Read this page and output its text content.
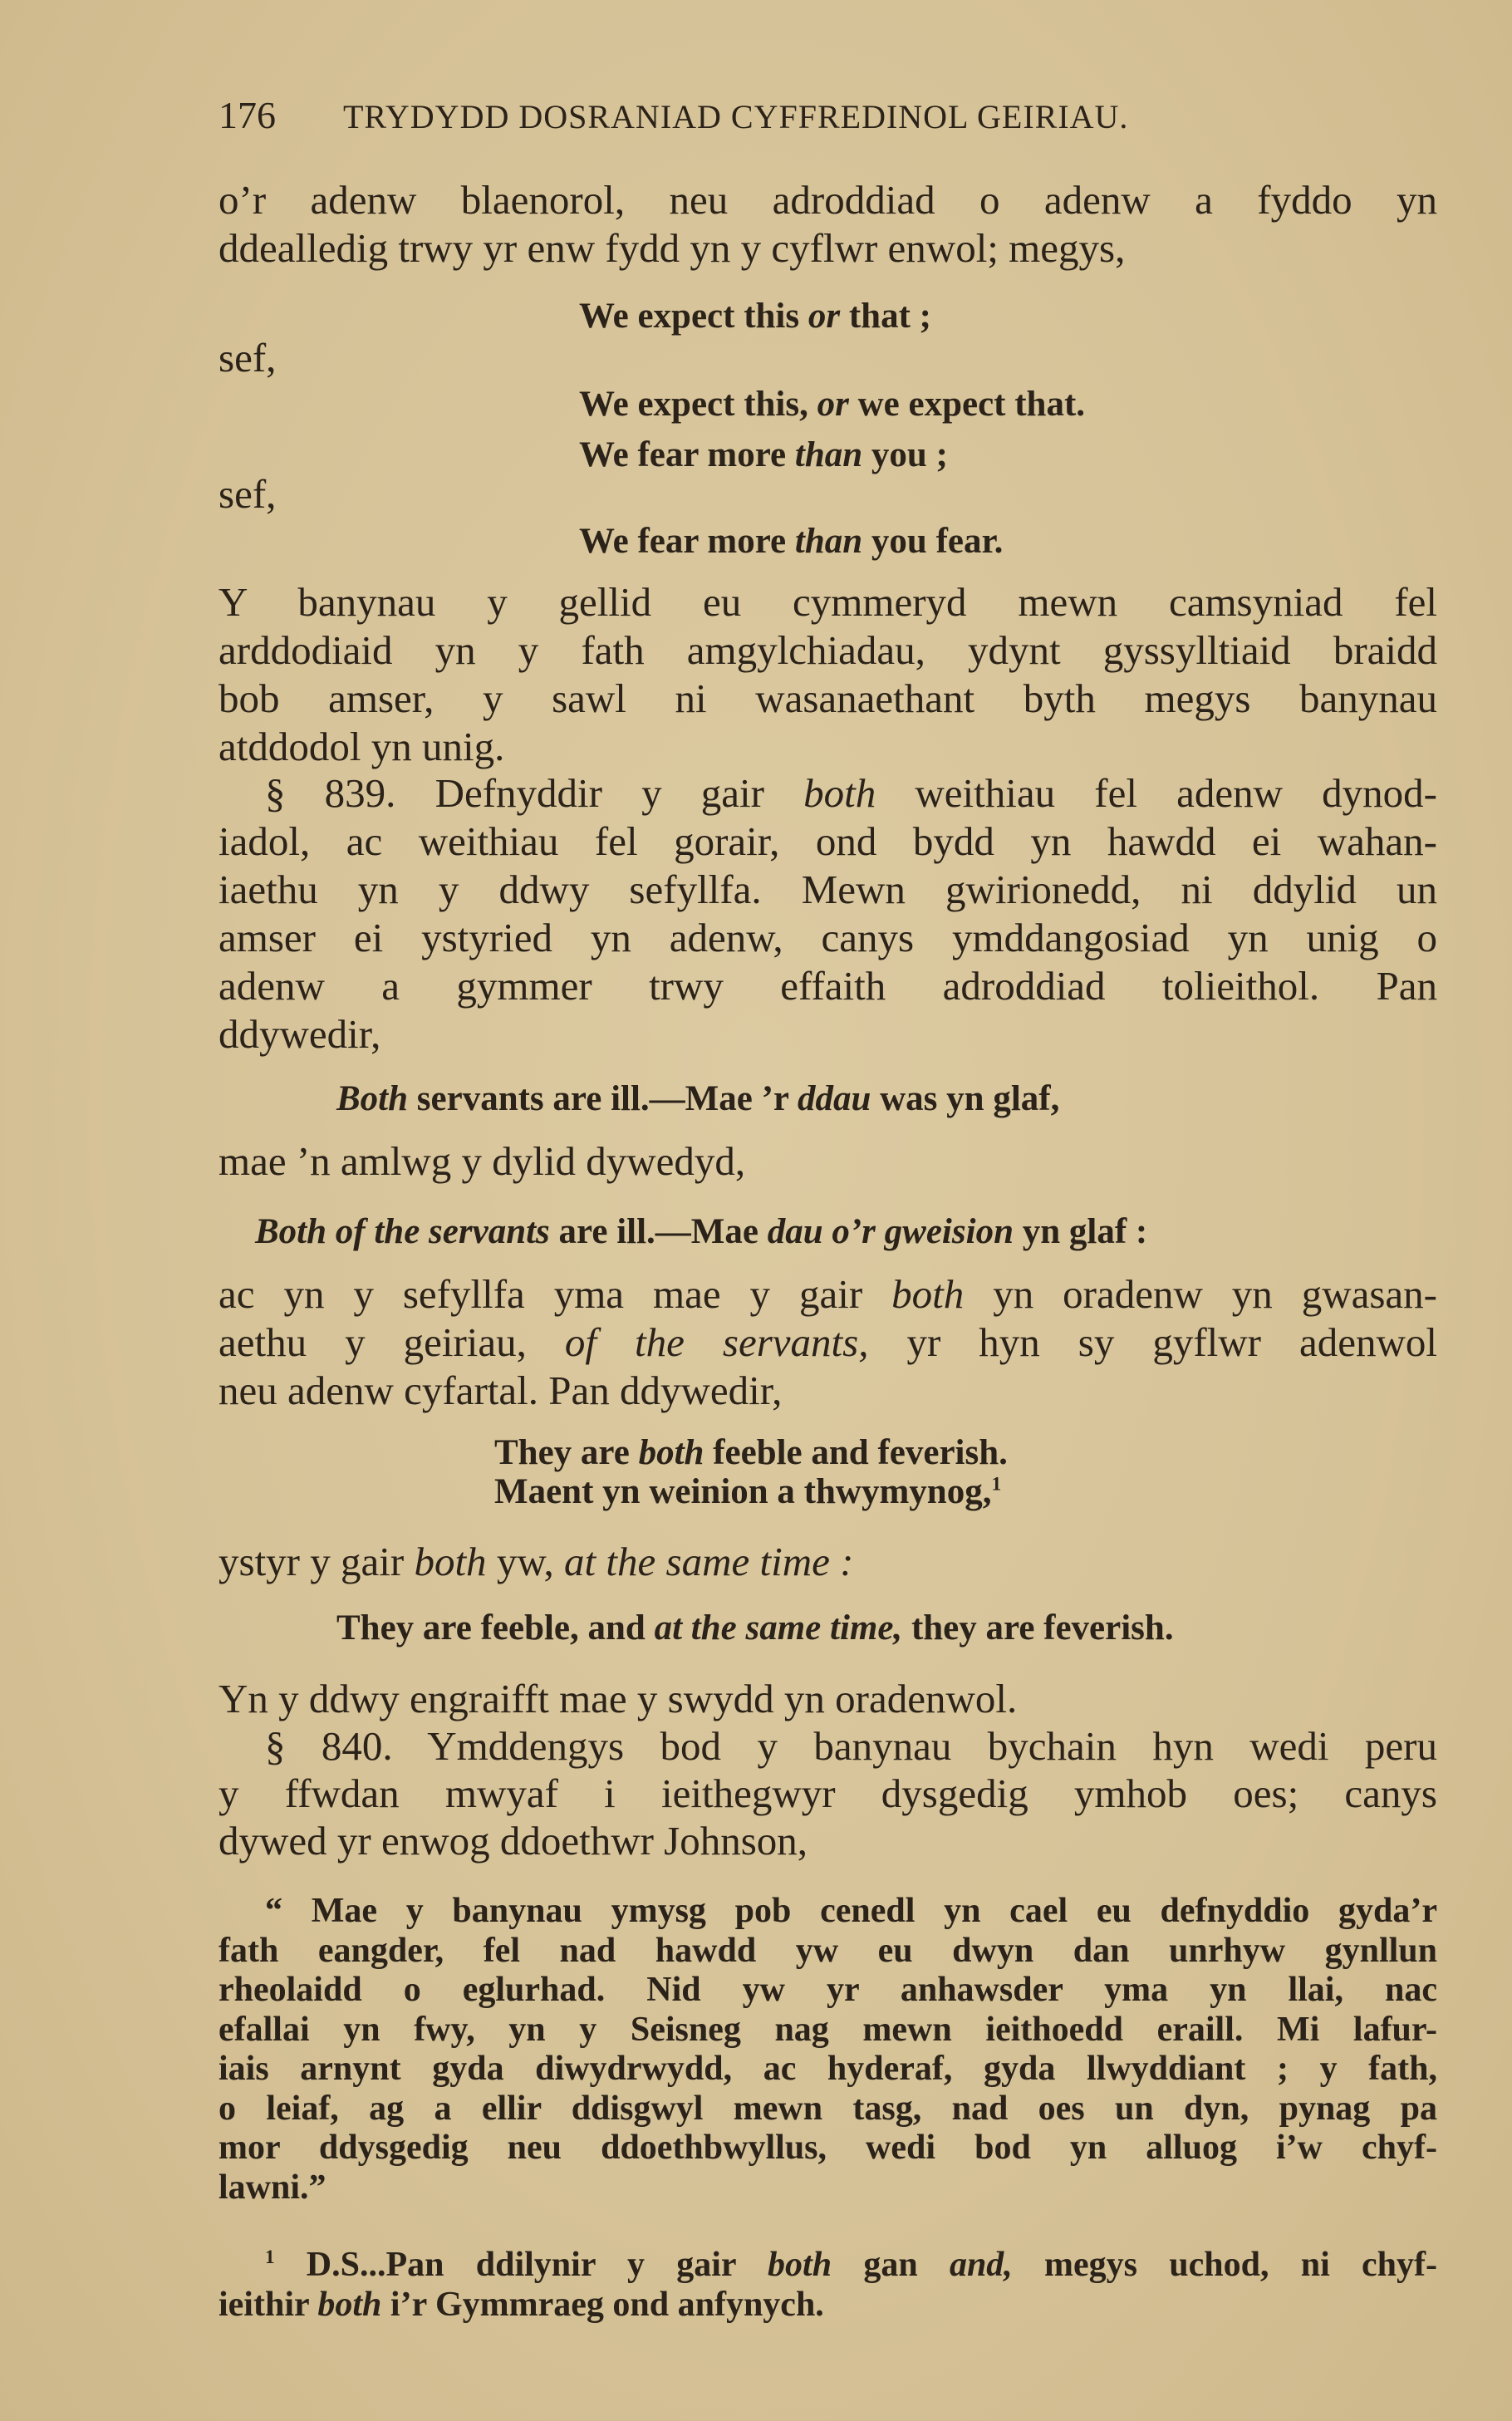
176 TRYDYDD DOSRANIAD CYFFREDINOL GEIRIAU.
o’r adenw blaenorol, neu adroddiad o adenw a fyddo yn
ddealledig trwy yr enw fydd yn y cyflwr enwol; megys,
We expect this or that ;
sef,
We expect this, or we expect that.
We fear more than you ;
sef,
We fear more than you fear.
Y banynau y gellid eu cymmeryd mewn camsyniad fel
arddodiaid yn y fath amgylchiadau, ydynt gyssylltiaid braidd
bob amser, y sawl ni wasanaethant byth megys banynau
atddodol yn unig.
§ 839. Defnyddir y gair both weithiau fel adenw dynod-
iadol, ac weithiau fel gorair, ond bydd yn hawdd ei wahan-
iaethu yn y ddwy sefyllfa. Mewn gwirionedd, ni ddylid un
amser ei ystyried yn adenw, canys ymddangosiad yn unig o
adenw a gymmer trwy effaith adroddiad tolieithol. Pan
ddywedir,
Both servants are ill.—Mae ’r ddau was yn glaf,
mae ’n amlwg y dylid dywedyd,
Both of the servants are ill.—Mae dau o’r gweision yn glaf :
ac yn y sefyllfa yma mae y gair both yn oradenw yn gwasan-
aethu y geiriau, of the servants, yr hyn sy gyflwr adenwol
neu adenw cyfartal. Pan ddywedir,
They are both feeble and feverish.
Maent yn weinion a thwymynog,$^1$
ystyr y gair both yw, at the same time :
They are feeble, and at the same time, they are feverish.
Yn y ddwy engraifft mae y swydd yn oradenwol.
§ 840. Ymddengys bod y banynau bychain hyn wedi peru
y ffwdan mwyaf i ieithegwyr dysgedig ymhob oes; canys
dywed yr enwog ddoethwr Johnson,
“ Mae y banynau ymysg pob cenedl yn cael eu defnyddio gyda’r
fath eangder, fel nad hawdd yw eu dwyn dan unrhyw gynllun
rheolaidd o eglurhad. Nid yw yr anhawsder yma yn llai, nac
efallai yn fwy, yn y Seisneg nag mewn ieithoedd eraill. Mi lafur-
iais arnynt gyda diwydrwydd, ac hyderaf, gyda llwyddiant ; y fath,
o leiaf, ag a ellir ddisgwyl mewn tasg, nad oes un dyn, pynag pa
mor ddysgedig neu ddoethbwyllus, wedi bod yn alluog i’w chyf-
lawni.”
$^1$ D.S...Pan ddilynir y gair both gan and, megys uchod, ni chyf-
ieithir both i’r Gymmraeg ond anfynych.
